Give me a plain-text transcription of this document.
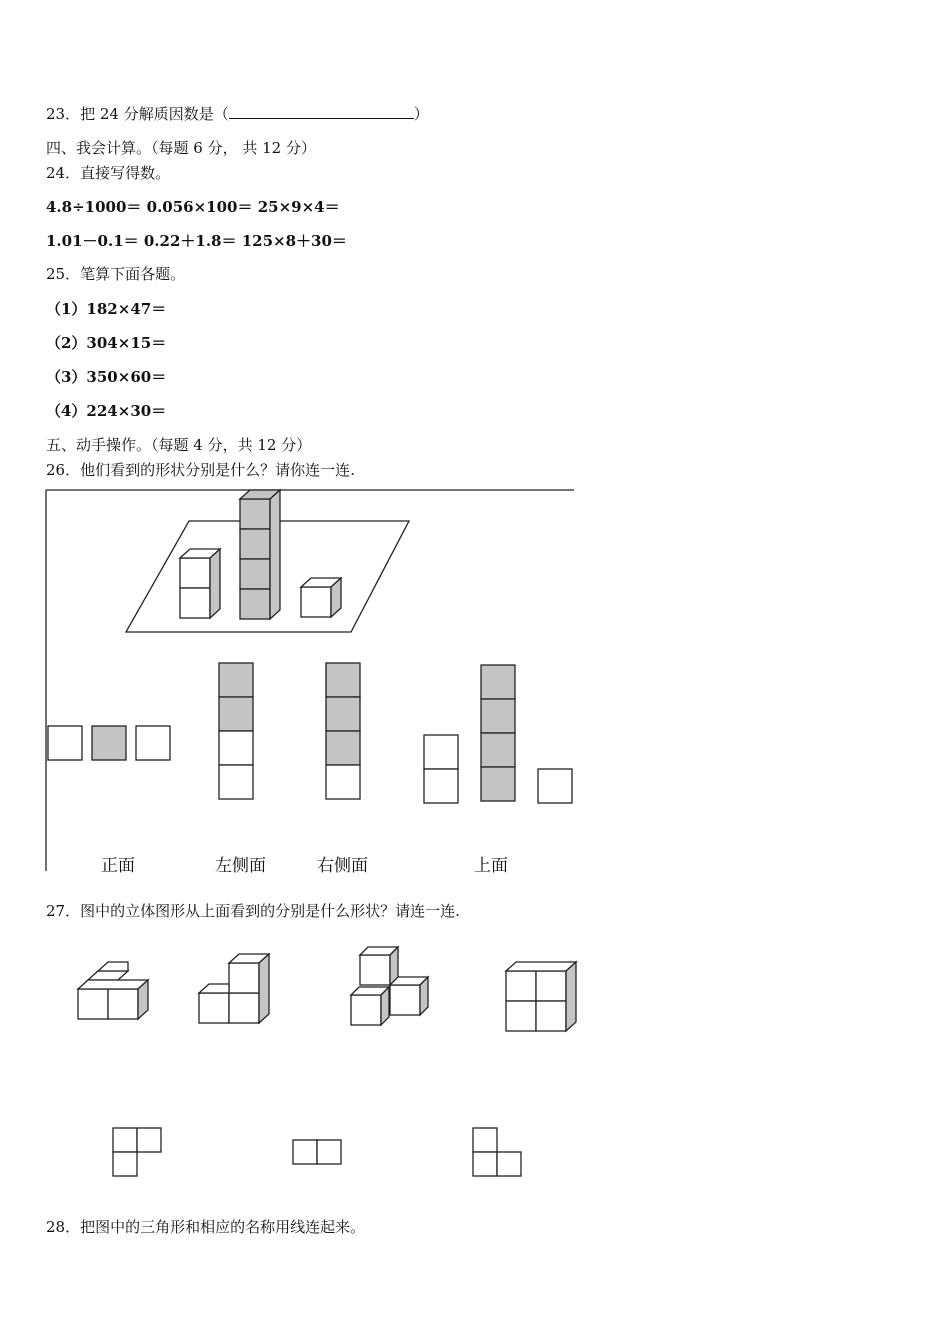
23．把 24 分解质因数是（	）
四、我会计算。（每题 6 分， 共 12 分）
24．直接写得数。
4.8÷1000＝ 0.056×100＝ 25×9×4＝
1.01－0.1＝ 0.22＋1.8＝ 125×8＋30＝
25．笔算下面各题。
（1）182×47＝
（2）304×15＝
（3）350×60＝
（4）224×30＝
五、动手操作。（每题 4 分，共 12 分）
26．他们看到的形状分别是什么？请你连一连.
正面	左侧面	右侧面	上面
27．图中的立体图形从上面看到的分别是什么形状？请连一连.
28．把图中的三角形和相应的名称用线连起来。
